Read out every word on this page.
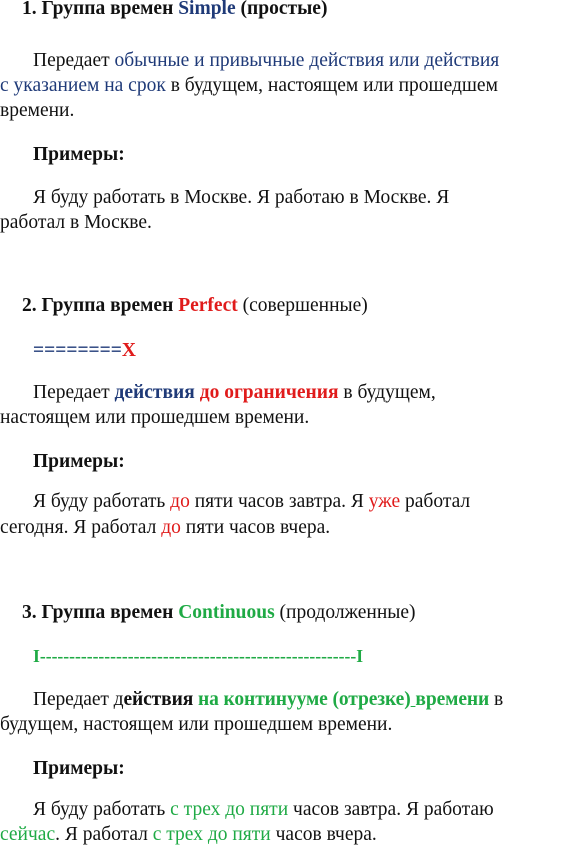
1. Группа времен Simple (простые)
Передает обычные и привычные действия или действия
с указанием на срок в будущем, настоящем или прошедшем
времени.
Примеры:
Я буду работать в Москве. Я работаю в Москве. Я
работал в Москве.
2. Группа времен Perfect (совершенные)
========X
Передает действия до ограничения в будущем,
настоящем или прошедшем времени.
Примеры:
Я буду работать до пяти часов завтра. Я уже работал
сегодня. Я работал до пяти часов вчера.
3. Группа времен Continuous (продолженные)
I------------------------------------------------------I
Передает действия на континууме (отрезке) времени в
будущем, настоящем или прошедшем времени.
Примеры:
Я буду работать с трех до пяти часов завтра. Я работаю
сейчас. Я работал с трех до пяти часов вчера.
